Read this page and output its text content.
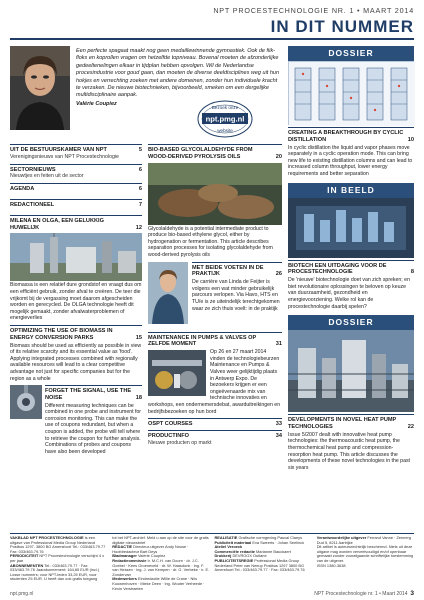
NPT PROCESTECHNOLOGIE NR. 1 • MAART 2014
IN DIT NUMMER
Een perfecte spagaat maakt nog geen medaillewinnende gymnastiek. Ook de fiik-floks en koprollen vragen om hetzelfde topniveau. Bovenal moeten de afzonderlijke gedeeltenelingen elkaar in tijdplan hebben opvolgen. Wil de Nederlandse procesindustrie voor goud gaan, dan moeten de diverse deeldisciplines weg uit hun hokjes en verrechting zoeken met andere domeinen, zonder hun individuele kracht te verzaken. De nieuwe biotechnieken, bijvoorbeeld, smeken om een dergelijke multidisciplinaire aanpak.
Valérie Coupiez
Bezoek onze
npt.pmg.nl
website
UIT DE BESTUURSKAMER VAN NPT	5
Verenigingsnieuws van NPT Procestechnologie
SECTORNIEUWS	6
Nieuwtjes en feiten uit de sector
AGENDA	6
REDACTIONEEL	7
MILENA EN OLGA, EEN GELUKKIG HUWELIJK	12
Biomassa is een relatief dure grondstof en vraagt dus om een efficiënt gebruik, zonder afval te creëren. De teer die vrijkomt bij de vergassing moet daarom afgescheiden worden en gerecycled. De OLGA technologie heeft dit mogelijk gemaakt, zonder afvalwaterproblemen of energieverlies
OPTIMIZING THE USE OF BIOMASS IN ENERGY CONVERSION PARKS	15
Biomass should be used as efficiently as possible in view of its relative scarcity and its essential value as 'food'. Applying integrated processes combined with regionally available resources will lead to a clear competitive advantage not just for specific companies but for the region as a whole
FORGET THE SIGNAL, USE THE NOISE	18
Different measuring techniques can be combined in one probe and instrument for corrosion monitoring. This can make the use of coupons redundant, but when a coupon is added, the probe will tell where to retrieve the coupon for further analysis. Combinations of probes and coupons have also been developed
BIO-BASED GLYCOLALDEHYDE FROM WOOD-DERIVED PYROLYSIS OILS	20
Glycolaldehyde is a potential intermediate product to produce bio-based ethylene glycol, either by hydrogenation or fermentation. This article describes separation processes for isolating glycolaldehyde from wood-derived pyrolysis oils
MET BEIDE VOETEN IN DE PRAKTIJK	26
De carrière van Linda de Feijter is volgens een wat minder gebruikelijk parcours verlopen. Via Havo, HTS en TU/e is ze uiteindelijk terechtgekomen waar ze zich thuis voelt: in de praktijk
MAINTENANCE IN PUMPS & VALVES OP ZELFDE MOMENT	31
Op 26 en 27 maart 2014 vinden de technologiebeurzen Maintenance en Pumps & Valves weer gelijktijdig plaats in Antwerp Expo. De bezoekers krijgen er een ongeëvenaarde mix van technische innovaties en workshops, een ondernemersdebat, awarduitreikingen en bedrijfsbezoeken op hun bord
OSPT COURSES	33
PRODUCTINFO	34
Nieuwe producten op markt
DOSSIER
CREATING A BREAKTHROUGH BY CYCLIC DISTILLATION	10
In cyclic distillation the liquid and vapor phases move separately in a cyclic operation mode. This can bring new life to existing distillation columns and can lead to increased column throughput, lower energy requirements and better separation
IN BEELD
BIOTECH EEN UITDAGING VOOR DE PROCESTECHNOLOGIE	8
De 'nieuwe' biotechnologie doet van zich spreken; en biet revolutionaire oplossingen te beloven op keuze van duurzaamheid, gezondheid en energievoorziening. Welke rol kan de procestechnologie daarbij spelen?
DOSSIER
DEVELOPMENTS IN NOVEL HEAT PUMP TECHNOLOGIES	22
Issue 5/2007 dealt with innovative heat pump technologies: the thermoacoustic heat pump, the thermochemical heat pump and compression-resorption heat pump. This article discusses the developments of these novel technologies in the past six years
VAKBLAD NPT PROCESTECHNOLOGIE is een uitgave van Professional Media Group Nederland Postbus 1297, 3800 BG Amersfoort Tel.: 033/463.79.77 Fax: 033/463.79.76
PERIODICITEIT NPT Procestechnologie verschijnt 4 x per jaar
ABONNEMENTEN Tel.: 033/463.79.77 · Fax: 033/463.79.76 Jaarabonnement: 164,65 EUR (incl.) Losse nummers: voor NPT-leden 33,25 EUR, voor studenten 25 EUR. U heeft dan ook gratis toegang
tot het NPT-archief. Meld u aan op de site voor de gratis digitale nieuwsbrief
REDACTIE Directeur-uitgever Andy Nouse · Hoofdredacteur Bart Deys
Bladmanager Valérie Coupiez
Redactieommissie Ir. M.C.H. van Doorn · dr. J.C. Goebel · Kees Groeneveld · dr. W. Haasdonk · ing. F. van Hessen · ing. J. van Kempen · dr. G. Verbeke · ir. E. Zondervan
Medewerkers Eindredactie Willie de Crane · Nils Kouwenhoven · Mieke Deen · ing. Wouter Verheede · Kevin Verstraeten
REALISATIE Grafische vormgeving Pascal Claeys
Publiciteit materiaal Eva Sweerts · Johan Seelinck
Ateliel Veroeck
Commerciële redactie Marianne Bauckaert
Drukkerij DEVROOX Outlane
PUBLICITEITSREGIE Professional Media Group Nederland Peter van Neeup Postbus 1297 3800 BG Amersfoort Tel.: 033/463.79.77 · Fax: 033/463.79.76
Verantwoordelijke uitgever Ferrand Vanne · Zennerg Dud 5, 8211 Aartrijke
Dit artikel is auteursrechtelijk beschermd. Niets uit deze uitgave mag worden verveelvoudigd en/of openbaar gemaakt zonder voorafgaande schriftelijke toestemming van de uitgever.
ISSN 1380-3638
npt.pmg.nl	NPT Procestechnologie nr. 1 • Maart 2014 3
